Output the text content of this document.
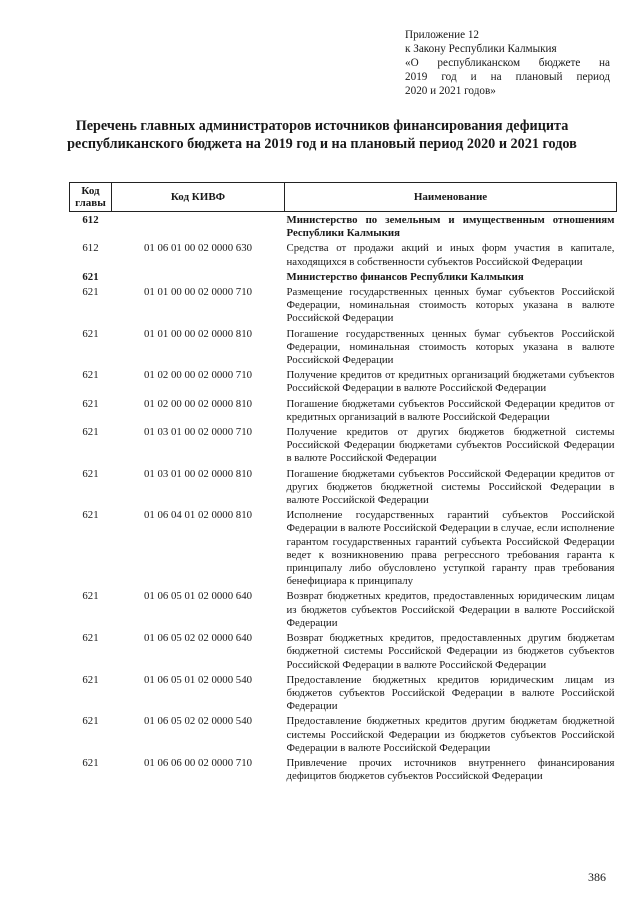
Приложение 12
к Закону Республики Калмыкия
«О республиканском бюджете на
2019 год и на плановый период
2020 и 2021 годов»
Перечень главных администраторов источников финансирования дефицита республиканского бюджета на 2019 год и на плановый период 2020 и 2021 годов
Код главы	Код КИВФ	Наименование
612		Министерство по земельным и имущественным отношениям Республики Калмыкия
612	01 06 01 00 02 0000 630	Средства от продажи акций и иных форм участия в капитале, находящихся в собственности субъектов Российской Федерации
621		Министерство финансов Республики Калмыкия
621	01 01 00 00 02 0000 710	Размещение государственных ценных бумаг субъектов Российской Федерации, номинальная стоимость которых указана в валюте Российской Федерации
621	01 01 00 00 02 0000 810	Погашение государственных ценных бумаг субъектов Российской Федерации, номинальная стоимость которых указана в валюте Российской Федерации
621	01 02 00 00 02 0000 710	Получение кредитов от кредитных организаций бюджетами субъектов Российской Федерации в валюте Российской Федерации
621	01 02 00 00 02 0000 810	Погашение бюджетами субъектов Российской Федерации кредитов от кредитных организаций в валюте Российской Федерации
621	01 03 01 00 02 0000 710	Получение кредитов от других бюджетов бюджетной системы Российской Федерации бюджетами субъектов Российской Федерации в валюте Российской Федерации
621	01 03 01 00 02 0000 810	Погашение бюджетами субъектов Российской Федерации кредитов от других бюджетов бюджетной системы Российской Федерации в валюте Российской Федерации
621	01 06 04 01 02 0000 810	Исполнение государственных гарантий субъектов Российской Федерации в валюте Российской Федерации в случае, если исполнение гарантом государственных гарантий субъекта Российской Федерации ведет к возникновению права регрессного требования гаранта к принципалу либо обусловлено уступкой гаранту прав требования бенефициара к принципалу
621	01 06 05 01 02 0000 640	Возврат бюджетных кредитов, предоставленных юридическим лицам из бюджетов субъектов Российской Федерации в валюте Российской Федерации
621	01 06 05 02 02 0000 640	Возврат бюджетных кредитов, предоставленных другим бюджетам бюджетной системы Российской Федерации из бюджетов субъектов Российской Федерации в валюте Российской Федерации
621	01 06 05 01 02 0000 540	Предоставление бюджетных кредитов юридическим лицам из бюджетов субъектов Российской Федерации в валюте Российской Федерации
621	01 06 05 02 02 0000 540	Предоставление бюджетных кредитов другим бюджетам бюджетной системы Российской Федерации из бюджетов субъектов Российской Федерации в валюте Российской Федерации
621	01 06 06 00 02 0000 710	Привлечение прочих источников внутреннего финансирования дефицитов бюджетов субъектов Российской Федерации
386
